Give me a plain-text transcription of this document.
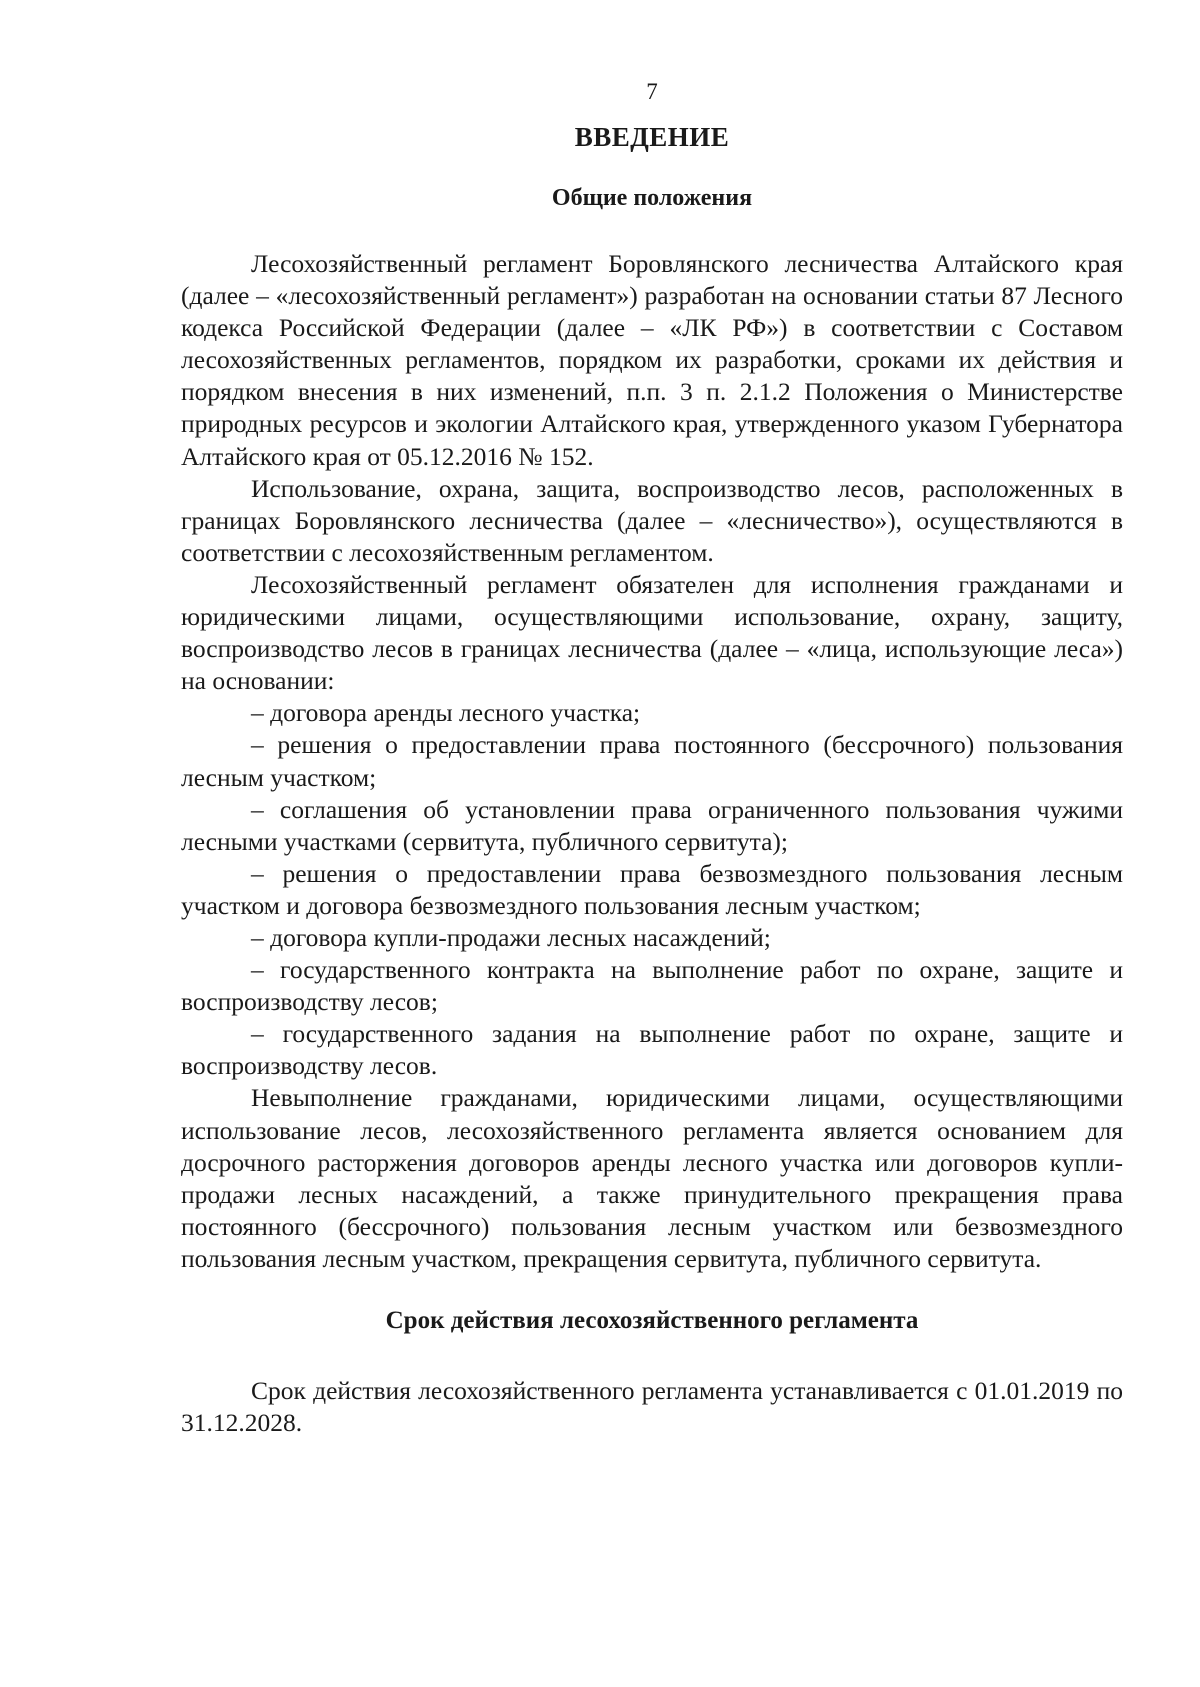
7
ВВЕДЕНИЕ
Общие положения

Лесохозяйственный регламент Боровлянского лесничества Алтайского края (далее – «лесохозяйственный регламент») разработан на основании статьи 87 Лесного кодекса Российской Федерации (далее – «ЛК РФ») в соответствии с Составом лесохозяйственных регламентов, порядком их разработки, сроками их действия и порядком внесения в них изменений, п.п. 3 п. 2.1.2 Положения о Министерстве природных ресурсов и экологии Алтайского края, утвержденного указом Губернатора Алтайского края от 05.12.2016 № 152.

Использование, охрана, защита, воспроизводство лесов, расположенных в границах Боровлянского лесничества (далее – «лесничество»), осуществляются в соответствии с лесохозяйственным регламентом.

Лесохозяйственный регламент обязателен для исполнения гражданами и юридическими лицами, осуществляющими использование, охрану, защиту, воспроизводство лесов в границах лесничества (далее – «лица, использующие леса») на основании:

– договора аренды лесного участка;

– решения о предоставлении права постоянного (бессрочного) пользования лесным участком;

– соглашения об установлении права ограниченного пользования чужими лесными участками (сервитута, публичного сервитута);

– решения о предоставлении права безвозмездного пользования лесным участком и договора безвозмездного пользования лесным участком;

– договора купли-продажи лесных насаждений;

– государственного контракта на выполнение работ по охране, защите и воспроизводству лесов;

– государственного задания на выполнение работ по охране, защите и воспроизводству лесов.

Невыполнение гражданами, юридическими лицами, осуществляющими использование лесов, лесохозяйственного регламента является основанием для досрочного расторжения договоров аренды лесного участка или договоров купли-продажи лесных насаждений, а также принудительного прекращения права постоянного (бессрочного) пользования лесным участком или безвозмездного пользования лесным участком, прекращения сервитута, публичного сервитута.

Срок действия лесохозяйственного регламента

Срок действия лесохозяйственного регламента устанавливается с 01.01.2019 по 31.12.2028.
